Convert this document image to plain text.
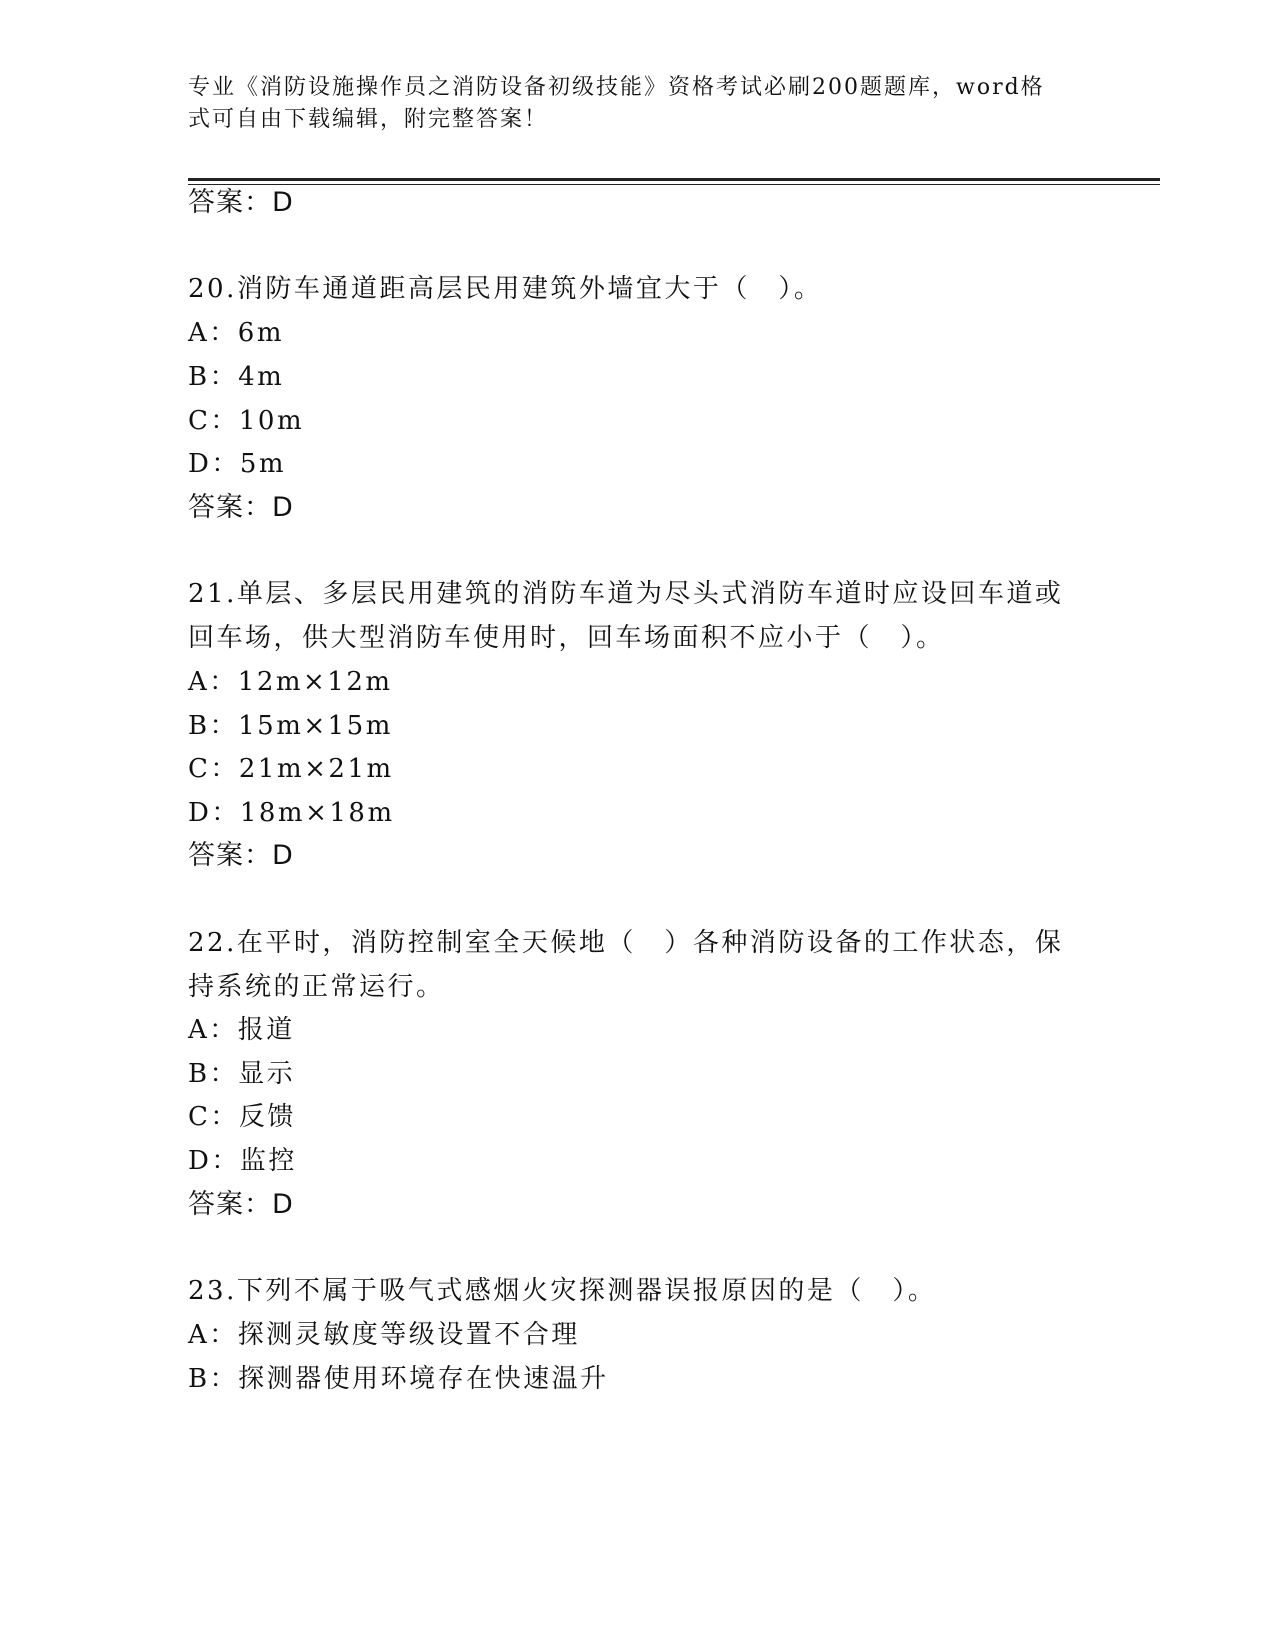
专业《消防设施操作员之消防设备初级技能》资格考试必刷200题题库，word格式可自由下载编辑，附完整答案！
答案：D
20.消防车通道距高层民用建筑外墙宜大于（　）。
A：6m
B：4m
C：10m
D：5m
答案：D
21.单层、多层民用建筑的消防车道为尽头式消防车道时应设回车道或
回车场，供大型消防车使用时，回车场面积不应小于（　）。
A：12m×12m
B：15m×15m
C：21m×21m
D：18m×18m
答案：D
22.在平时，消防控制室全天候地（　）各种消防设备的工作状态，保
持系统的正常运行。
A：报道
B：显示
C：反馈
D：监控
答案：D
23.下列不属于吸气式感烟火灾探测器误报原因的是（　）。
A：探测灵敏度等级设置不合理
B：探测器使用环境存在快速温升
